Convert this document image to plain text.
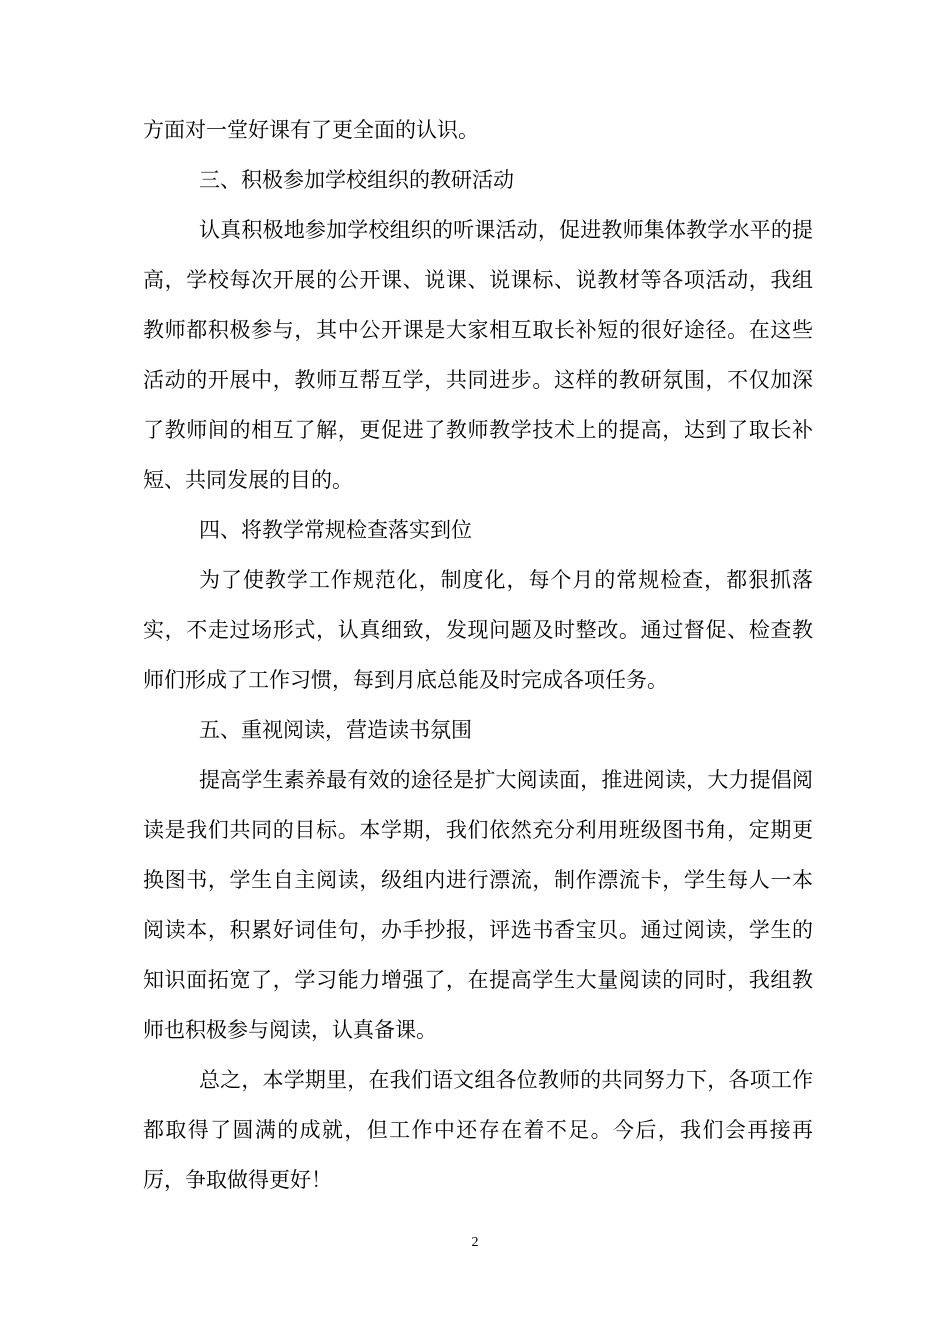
方面对一堂好课有了更全面的认识。

三、积极参加学校组织的教研活动

认真积极地参加学校组织的听课活动，促进教师集体教学水平的提高，学校每次开展的公开课、说课、说课标、说教材等各项活动，我组教师都积极参与，其中公开课是大家相互取长补短的很好途径。在这些活动的开展中，教师互帮互学，共同进步。这样的教研氛围，不仅加深了教师间的相互了解，更促进了教师教学技术上的提高，达到了取长补短、共同发展的目的。

四、将教学常规检查落实到位

为了使教学工作规范化，制度化，每个月的常规检查，都狠抓落实，不走过场形式，认真细致，发现问题及时整改。通过督促、检查教师们形成了工作习惯，每到月底总能及时完成各项任务。

五、重视阅读，营造读书氛围

提高学生素养最有效的途径是扩大阅读面，推进阅读，大力提倡阅读是我们共同的目标。本学期，我们依然充分利用班级图书角，定期更换图书，学生自主阅读，级组内进行漂流，制作漂流卡，学生每人一本阅读本，积累好词佳句，办手抄报，评选书香宝贝。通过阅读，学生的知识面拓宽了，学习能力增强了，在提高学生大量阅读的同时，我组教师也积极参与阅读，认真备课。

总之，本学期里，在我们语文组各位教师的共同努力下，各项工作都取得了圆满的成就，但工作中还存在着不足。今后，我们会再接再厉，争取做得更好！

2
